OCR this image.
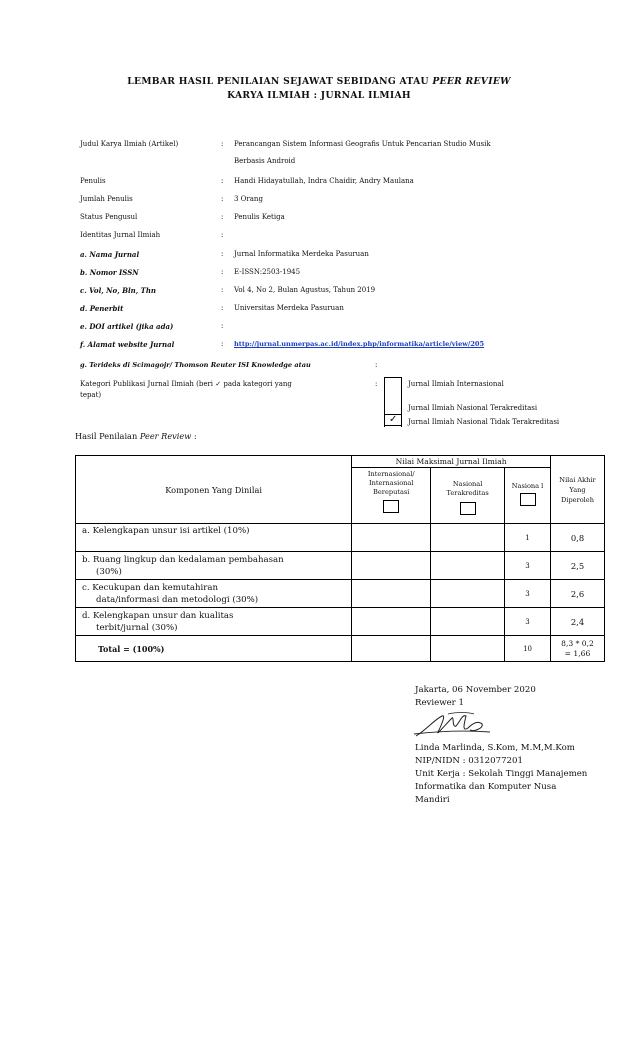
LEMBAR HASIL PENILAIAN SEJAWAT SEBIDANG ATAU PEER REVIEW
KARYA ILMIAH : JURNAL ILMIAH
Judul Karya Ilmiah (Artikel)	: Perancangan Sistem Informasi Geografis Untuk Pencarian Studio Musik
Berbasis Android
Penulis	: Handi Hidayatullah, Indra Chaidir, Andry Maulana
Jumlah Penulis	: 3 Orang
Status Pengusul	: Penulis Ketiga
Identitas Jurnal Ilmiah	:
a. Nama Jurnal	: Jurnal Informatika Merdeka Pasuruan
b. Nomor ISSN	: E-ISSN:2503-1945
c. Vol, No, Bln, Thn	: Vol 4, No 2, Bulan Agustus, Tahun 2019
d. Penerbit	: Universitas Merdeka Pasuruan
e. DOI artikel (jika ada)	:
f. Alamat website Jurnal	: http://jurnal.unmerpas.ac.id/index.php/informatika/article/view/205
g. Terideks di Scimagojr/ Thomson Reuter ISI Knowledge atau	:
Kategori Publikasi Jurnal Ilmiah (beri ✓ pada kategori yang
tepat)
:
✓
Jurnal Ilmiah Internasional
Jurnal Ilmiah Nasional Terakreditasi
Jurnal Ilmiah Nasional Tidak Terakreditasi
Hasil Penilaian Peer Review :
Komponen Yang Dinilai	Nilai Maksimal Jurnal Ilmiah			Nilai Akhir Yang Diperoleh

	Internasional/ Internasional Bereputasi	Nasional Terakreditas	Nasiona l	

a. Kelengkapan unsur isi artikel (10%)			1	0,8

b. Ruang lingkup dan kedalaman pembahasan
(30%)			3	2,5

c. Kecukupan dan kemutahiran
data/informasi dan metodologi (30%)			3	2,6

d. Kelengkapan unsur dan kualitas
terbit/jurnal (30%)			3	2,4
Total = (100%)			10	8,3 * 0,2
= 1,66
Jakarta, 06 November 2020
Reviewer 1
Linda Marlinda, S.Kom, M.M,M.Kom
NIP/NIDN : 0312077201
Unit Kerja : Sekolah Tinggi Manajemen
Informatika dan Komputer Nusa
Mandiri
